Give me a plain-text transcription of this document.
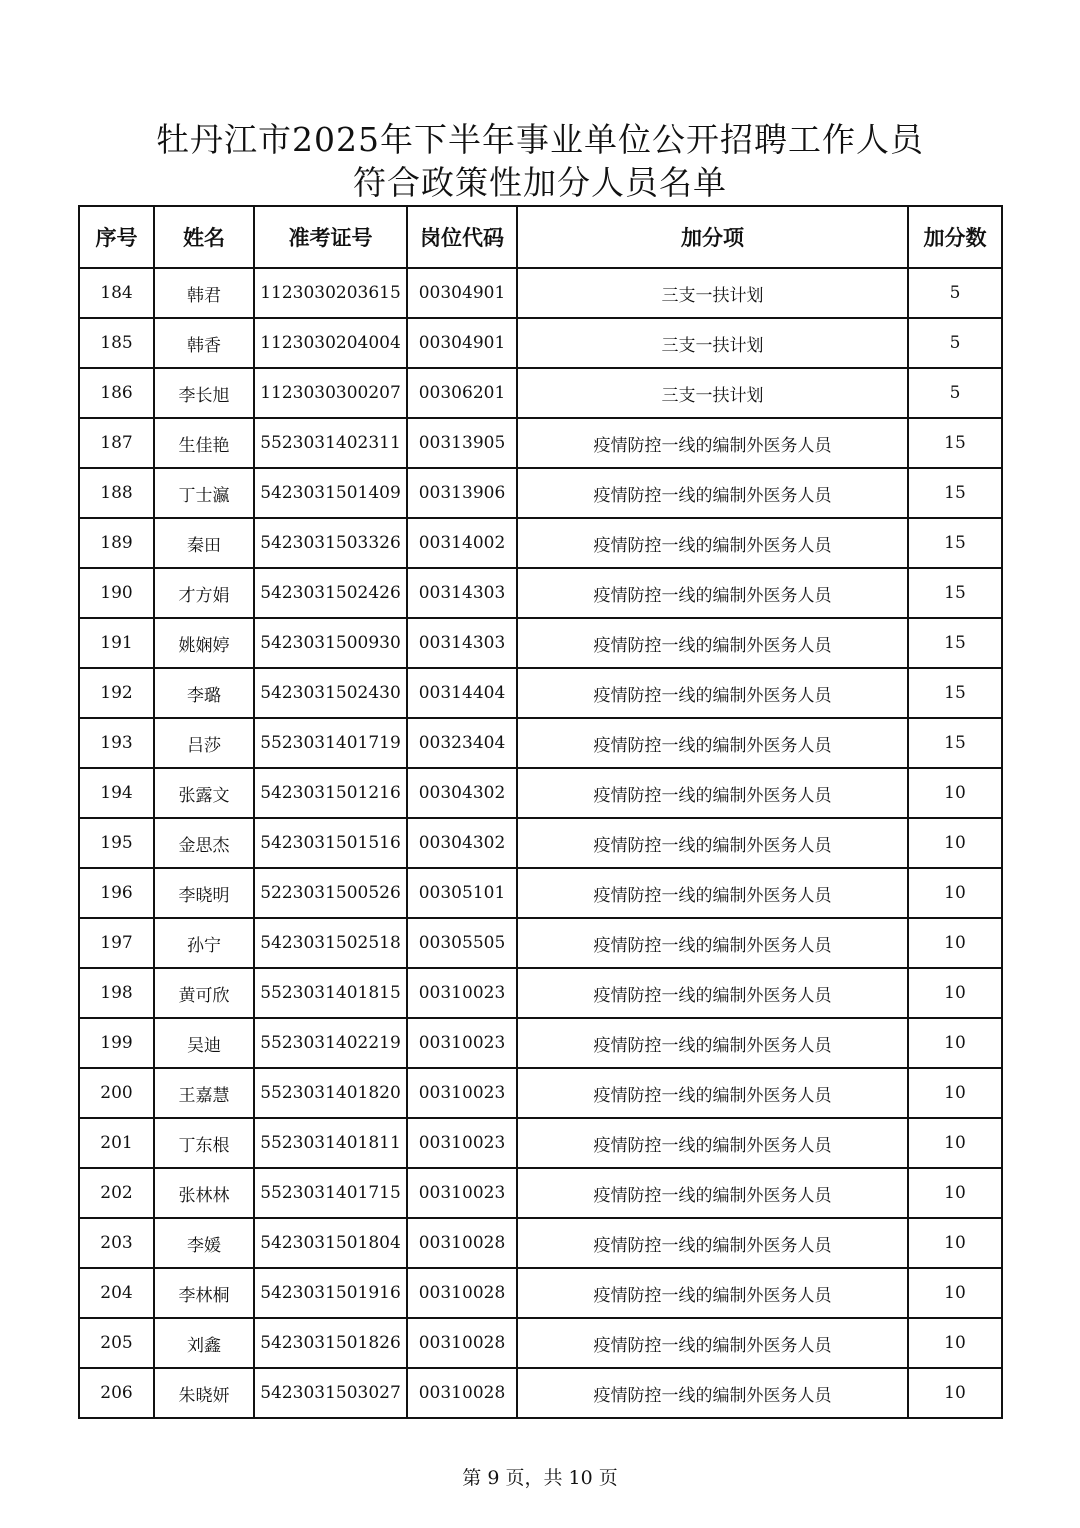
牡丹江市2025年下半年事业单位公开招聘工作人员
符合政策性加分人员名单
序号	姓名	准考证号	岗位代码	加分项	加分数
184	韩君	1123030203615	00304901	三支一扶计划	5
185	韩香	1123030204004	00304901	三支一扶计划	5
186	李长旭	1123030300207	00306201	三支一扶计划	5
187	生佳艳	5523031402311	00313905	疫情防控一线的编制外医务人员	15
188	丁士瀛	5423031501409	00313906	疫情防控一线的编制外医务人员	15
189	秦田	5423031503326	00314002	疫情防控一线的编制外医务人员	15
190	才方娟	5423031502426	00314303	疫情防控一线的编制外医务人员	15
191	姚娴婷	5423031500930	00314303	疫情防控一线的编制外医务人员	15
192	李璐	5423031502430	00314404	疫情防控一线的编制外医务人员	15
193	吕莎	5523031401719	00323404	疫情防控一线的编制外医务人员	15
194	张露文	5423031501216	00304302	疫情防控一线的编制外医务人员	10
195	金思杰	5423031501516	00304302	疫情防控一线的编制外医务人员	10
196	李晓明	5223031500526	00305101	疫情防控一线的编制外医务人员	10
197	孙宁	5423031502518	00305505	疫情防控一线的编制外医务人员	10
198	黄可欣	5523031401815	00310023	疫情防控一线的编制外医务人员	10
199	吴迪	5523031402219	00310023	疫情防控一线的编制外医务人员	10
200	王嘉慧	5523031401820	00310023	疫情防控一线的编制外医务人员	10
201	丁东根	5523031401811	00310023	疫情防控一线的编制外医务人员	10
202	张林林	5523031401715	00310023	疫情防控一线的编制外医务人员	10
203	李媛	5423031501804	00310028	疫情防控一线的编制外医务人员	10
204	李林桐	5423031501916	00310028	疫情防控一线的编制外医务人员	10
205	刘鑫	5423031501826	00310028	疫情防控一线的编制外医务人员	10
206	朱晓妍	5423031503027	00310028	疫情防控一线的编制外医务人员	10
第 9 页，共 10 页
